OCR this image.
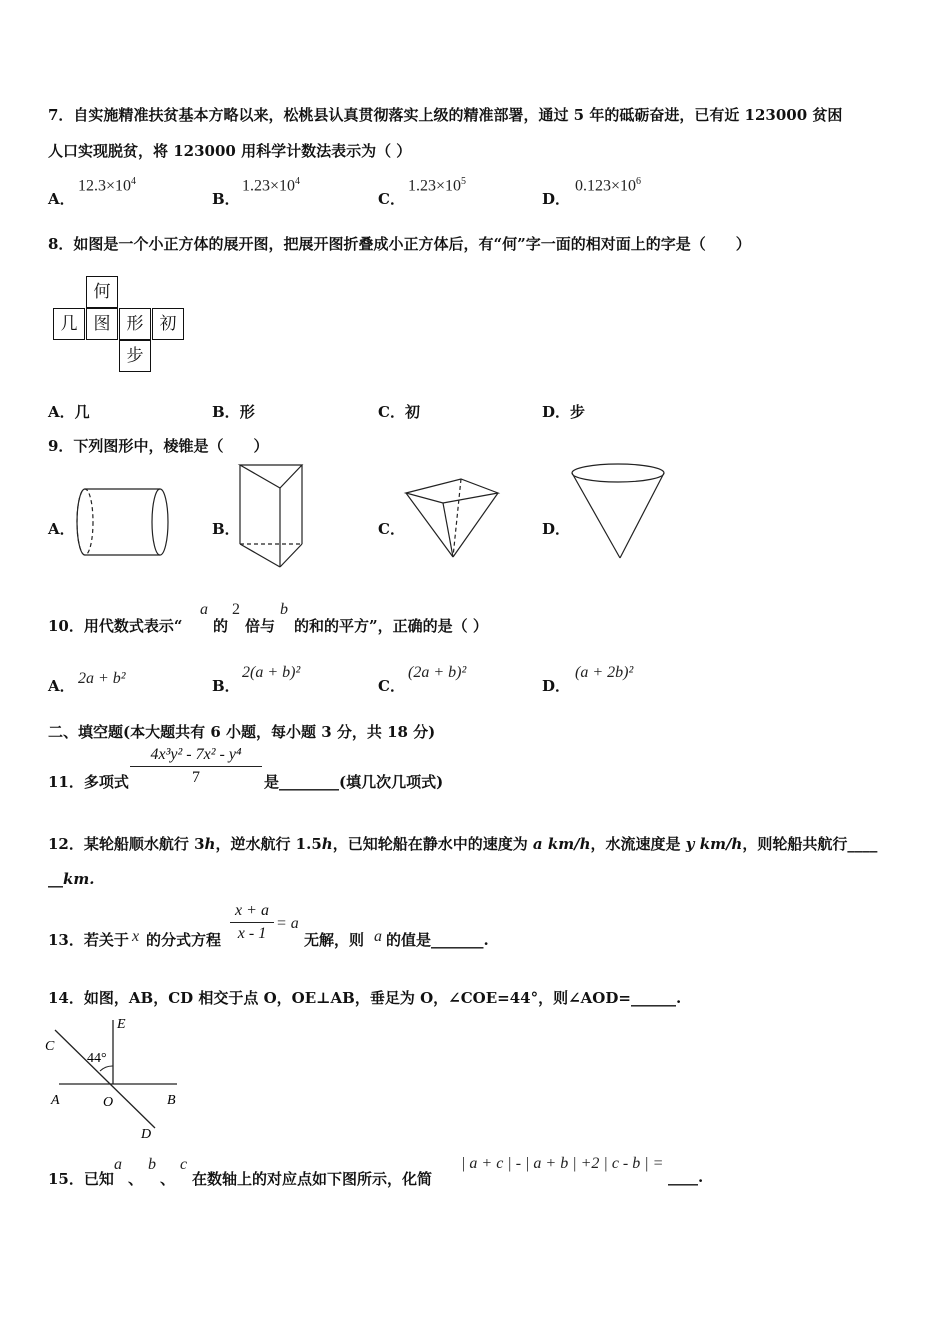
7．自实施精准扶贫基本方略以来，松桃县认真贯彻落实上级的精准部署，通过 5 年的砥砺奋进，已有近 123000 贫困
人口实现脱贫，将 123000 用科学计数法表示为（ ）
A．
$12.3\times 10^4$
B．
$1.23\times 10^4$
C．
$1.23\times 10^5$
D．
$0.123\times 10^6$
8．如图是一个小正方体的展开图，把展开图折叠成小正方体后，有“何”字一面的相对面上的字是（　　）
何
几 图 形 初
步
A．几	B．形	C．初	D．步
9．下列图形中，棱锥是（　　）
A．	B．	C．	D．
10．用代数式表示“
a
的
2
倍与
b
的和的平方”，正确的是（ ）
A． 2a + b²	B．
2(a + b)²
C．
(2a + b)²
D．
(a + 2b)²
二、填空题(本大题共有 6 小题，每小题 3 分，共 18 分)
11．多项式 $\frac{\text{4x³y² - 7x² - y⁴}}{7}$ 是________(填几次几项式)
12．某轮船顺水航行 3h，逆水航行 1.5h，已知轮船在静水中的速度为 a km/h，水流速度是 y km/h，则轮船共航行____
__km.
13．若关于 x 的分式方程 $\frac{x + a}{x - 1} = a$
无解，则 a 的值是_______.
14．如图，AB，CD 相交于点 O，OE⊥AB，垂足为 O，∠COE=44°，则∠AOD=______.
E
C
44°
A	O	B
D
15．已知
a
、
b
、
c
在数轴上的对应点如下图所示，化简
| a + c | - | a + b | +2 | c - b | =
____.
